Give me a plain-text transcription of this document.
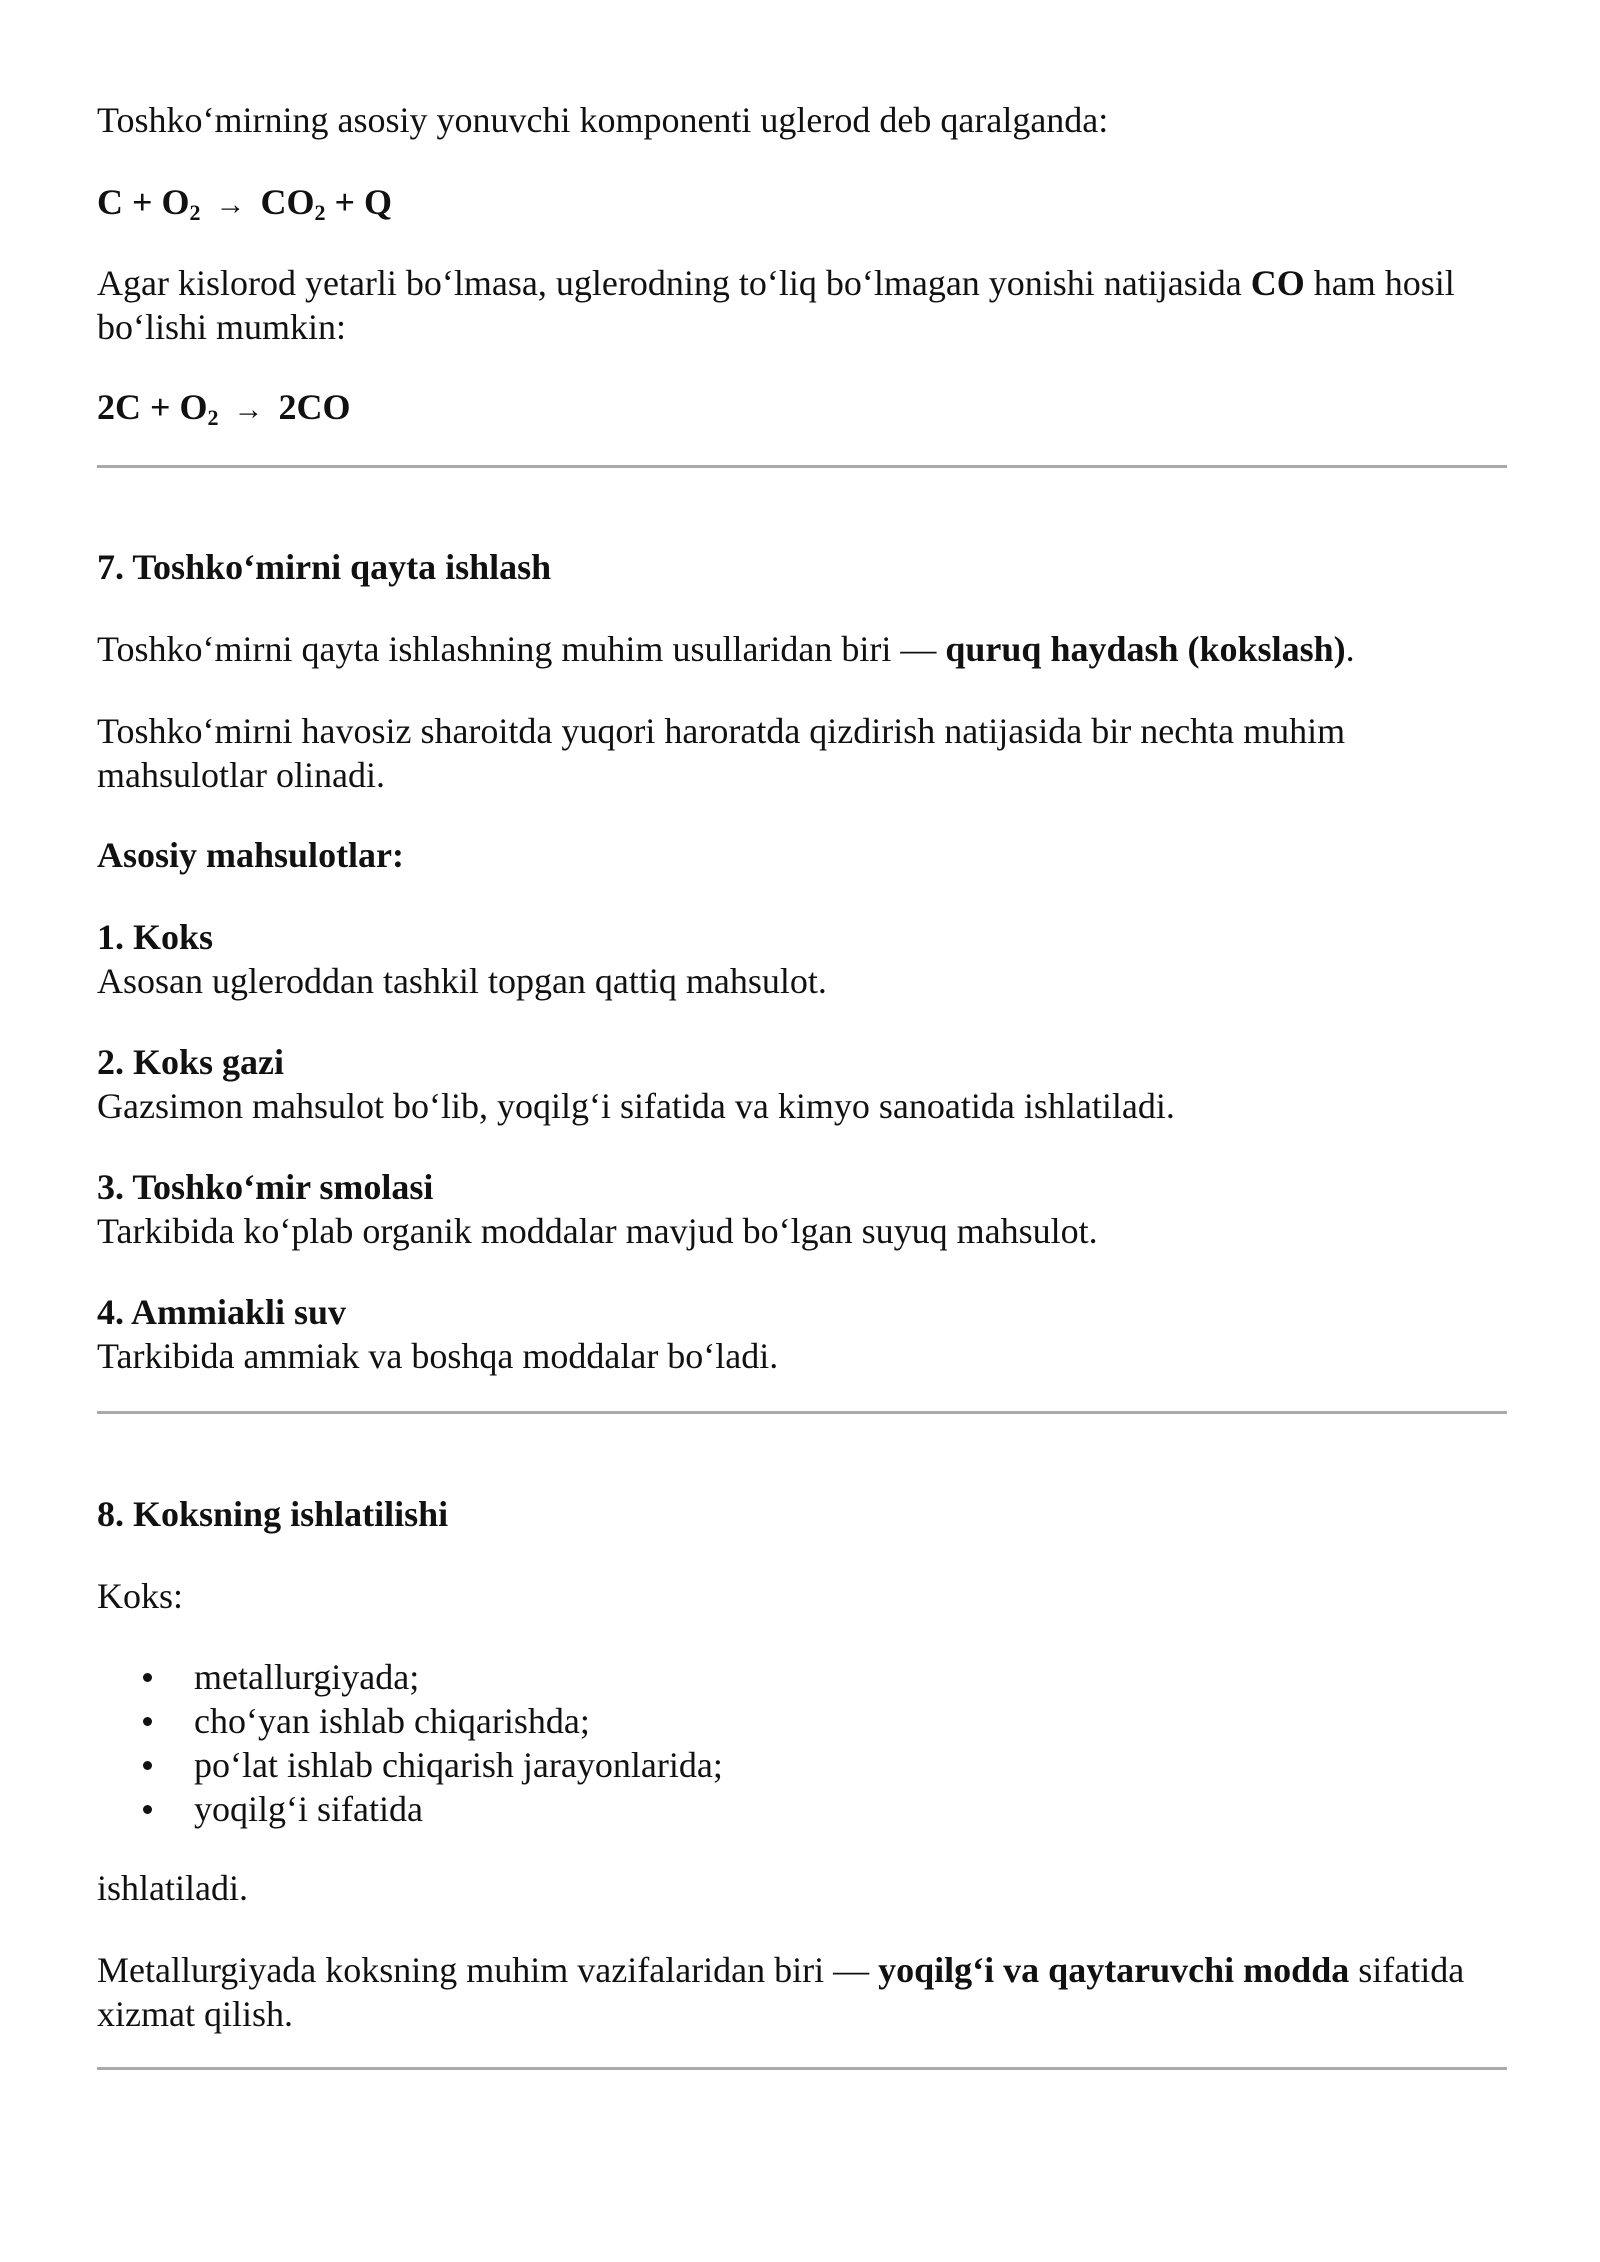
Toshko‘mirning asosiy yonuvchi komponenti uglerod deb qaralganda:
$C + O_2 \to CO_2 + Q$
Agar kislorod yetarli bo‘lmasa, uglerodning to‘liq bo‘lmagan yonishi natijasida CO ham hosil bo‘lishi mumkin:
$2C + O_2 \to 2CO$
7. Toshko‘mirni qayta ishlash
Toshko‘mirni qayta ishlashning muhim usullaridan biri — quruq haydash (kokslash).
Toshko‘mirni havosiz sharoitda yuqori haroratda qizdirish natijasida bir nechta muhim mahsulotlar olinadi.
Asosiy mahsulotlar:
1. Koks
Asosan ugleroddan tashkil topgan qattiq mahsulot.
2. Koks gazi
Gazsimon mahsulot bo‘lib, yoqilg‘i sifatida va kimyo sanoatida ishlatiladi.
3. Toshko‘mir smolasi
Tarkibida ko‘plab organik moddalar mavjud bo‘lgan suyuq mahsulot.
4. Ammiakli suv
Tarkibida ammiak va boshqa moddalar bo‘ladi.
8. Koksning ishlatilishi
Koks:
metallurgiyada;
cho‘yan ishlab chiqarishda;
po‘lat ishlab chiqarish jarayonlarida;
yoqilg‘i sifatida
ishlatiladi.
Metallurgiyada koksning muhim vazifalaridan biri — yoqilg‘i va qaytaruvchi modda sifatida xizmat qilish.
